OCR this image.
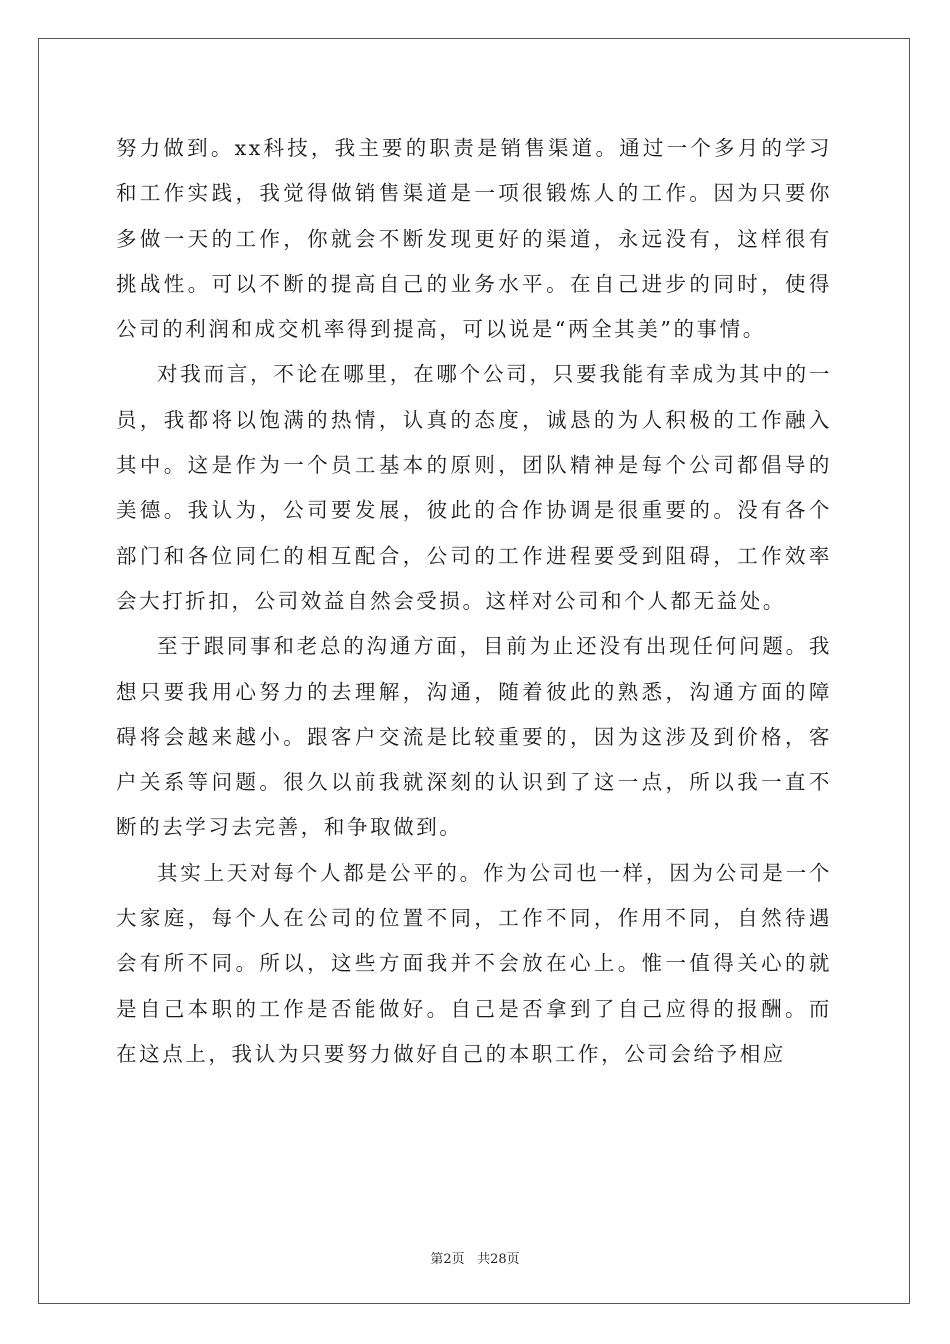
努力做到。xx科技，我主要的职责是销售渠道。通过一个多月的学习和工作实践，我觉得做销售渠道是一项很锻炼人的工作。因为只要你多做一天的工作，你就会不断发现更好的渠道，永远没有，这样很有挑战性。可以不断的提高自己的业务水平。在自己进步的同时，使得公司的利润和成交机率得到提高，可以说是“两全其美”的事情。

对我而言，不论在哪里，在哪个公司，只要我能有幸成为其中的一员，我都将以饱满的热情，认真的态度，诚恳的为人积极的工作融入其中。这是作为一个员工基本的原则，团队精神是每个公司都倡导的美德。我认为，公司要发展，彼此的合作协调是很重要的。没有各个部门和各位同仁的相互配合，公司的工作进程要受到阻碍，工作效率会大打折扣，公司效益自然会受损。这样对公司和个人都无益处。

至于跟同事和老总的沟通方面，目前为止还没有出现任何问题。我想只要我用心努力的去理解，沟通，随着彼此的熟悉，沟通方面的障碍将会越来越小。跟客户交流是比较重要的，因为这涉及到价格，客户关系等问题。很久以前我就深刻的认识到了这一点，所以我一直不断的去学习去完善，和争取做到。

其实上天对每个人都是公平的。作为公司也一样，因为公司是一个大家庭，每个人在公司的位置不同，工作不同，作用不同，自然待遇会有所不同。所以，这些方面我并不会放在心上。惟一值得关心的就是自己本职的工作是否能做好。自己是否拿到了自己应得的报酬。而在这点上，我认为只要努力做好自己的本职工作，公司会给予相应

第2页 共28页
